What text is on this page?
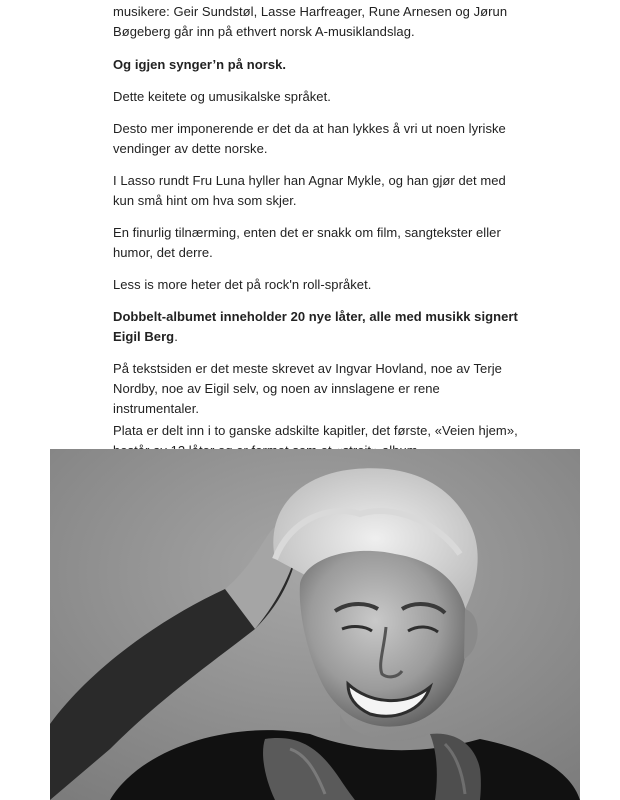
musikere: Geir Sundstøl, Lasse Harfreager, Rune Arnesen og Jørun Bøgeberg går inn på ethvert norsk A-musiklandslag.

Og igjen synger’n på norsk.

Dette keitete og umusikalske språket.

Desto mer imponerende er det da at han lykkes å vri ut noen lyriske vendinger av dette norske.

I Lasso rundt Fru Luna hyller han Agnar Mykle, og han gjør det med kun små hint om hva som skjer.

En finurlig tilnærming, enten det er snakk om film, sangtekster eller humor, det derre.

Less is more heter det på rock'n roll-språket.

Dobbelt-albumet inneholder 20 nye låter, alle med musikk signert Eigil Berg.

På tekstsiden er det meste skrevet av Ingvar Hovland, noe av Terje Nordby, noe av Eigil selv, og noen av innslagene er rene instrumentaler.

Plata er delt inn i to ganske adskilte kapitler, det første, «Veien hjem»,
